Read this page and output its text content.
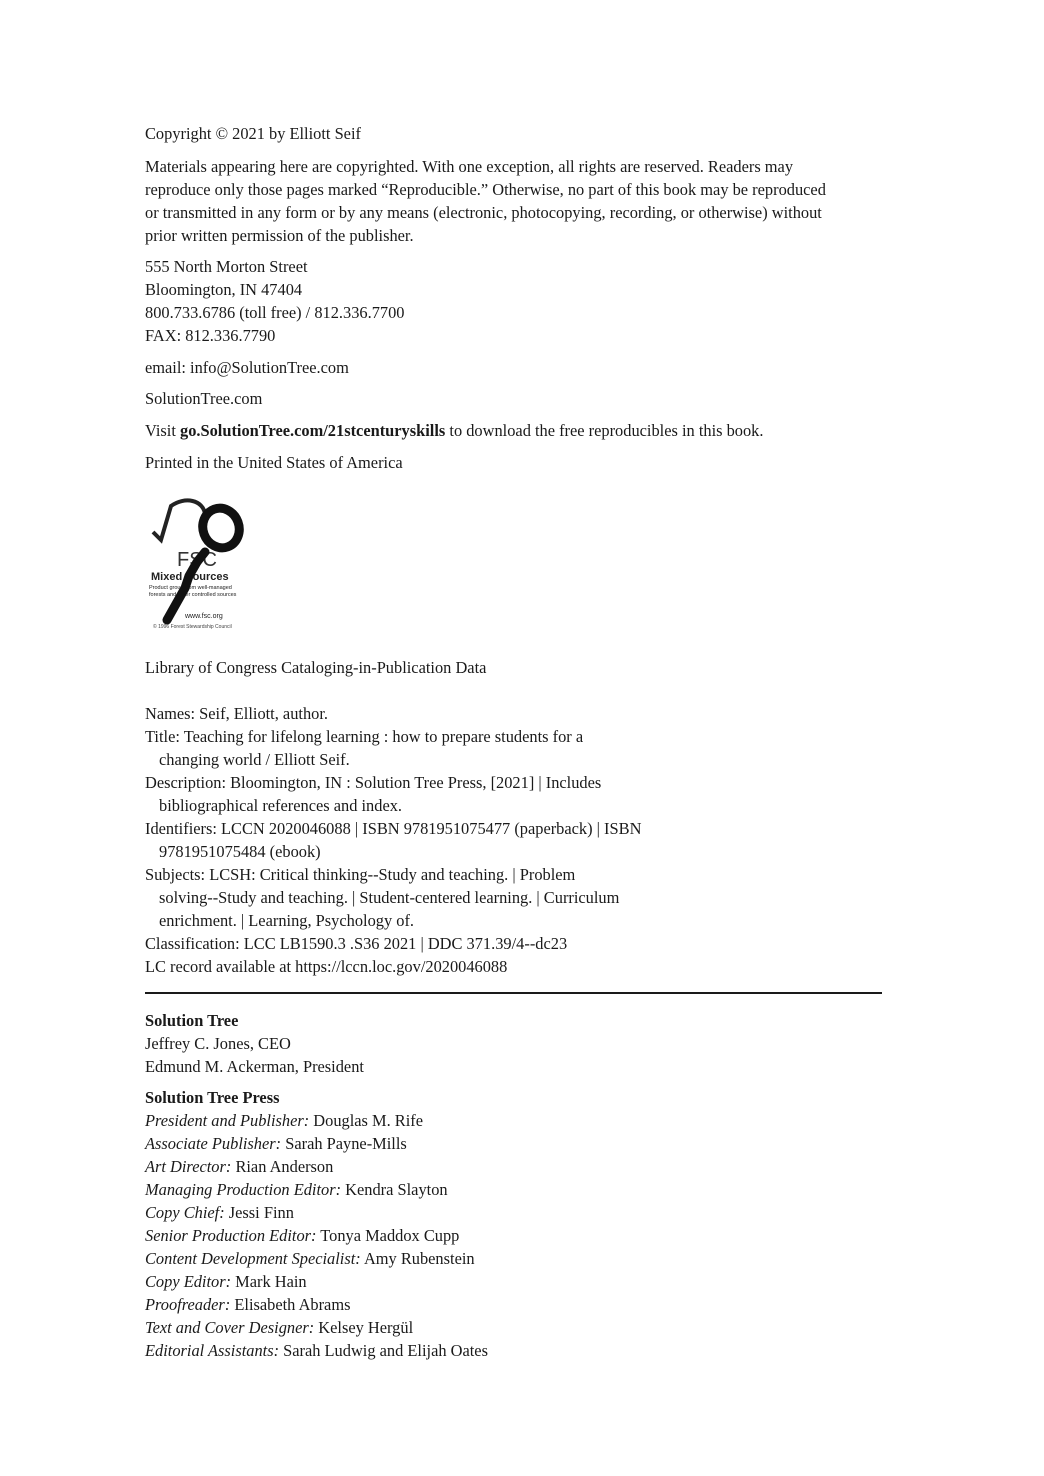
Copyright © 2021 by Elliott Seif
Materials appearing here are copyrighted. With one exception, all rights are reserved. Readers may
reproduce only those pages marked “Reproducible.” Otherwise, no part of this book may be reproduced
or transmitted in any form or by any means (electronic, photocopying, recording, or otherwise) without
prior written permission of the publisher.
555 North Morton Street
Bloomington, IN 47404
800.733.6786 (toll free) / 812.336.7700
FAX: 812.336.7790
email: info@SolutionTree.com
SolutionTree.com
Visit go.SolutionTree.com/21stcenturyskills to download the free reproducibles in this book.
Printed in the United States of America
FSC
Mixed Sources
Product group from well-managed
forests and other controlled sources
www.fsc.org
© 1996 Forest Stewardship Council
Library of Congress Cataloging-in-Publication Data
Names: Seif, Elliott, author.
Title: Teaching for lifelong learning : how to prepare students for a
changing world / Elliott Seif.
Description: Bloomington, IN : Solution Tree Press, [2021] | Includes
bibliographical references and index.
Identifiers: LCCN 2020046088 | ISBN 9781951075477 (paperback) | ISBN
9781951075484 (ebook)
Subjects: LCSH: Critical thinking--Study and teaching. | Problem
solving--Study and teaching. | Student-centered learning. | Curriculum
enrichment. | Learning, Psychology of.
Classification: LCC LB1590.3 .S36 2021 | DDC 371.39/4--dc23
LC record available at https://lccn.loc.gov/2020046088
Solution Tree
Jeffrey C. Jones, CEO
Edmund M. Ackerman, President
Solution Tree Press
President and Publisher: Douglas M. Rife
Associate Publisher: Sarah Payne-Mills
Art Director: Rian Anderson
Managing Production Editor: Kendra Slayton
Copy Chief: Jessi Finn
Senior Production Editor: Tonya Maddox Cupp
Content Development Specialist: Amy Rubenstein
Copy Editor: Mark Hain
Proofreader: Elisabeth Abrams
Text and Cover Designer: Kelsey Hergül
Editorial Assistants: Sarah Ludwig and Elijah Oates
